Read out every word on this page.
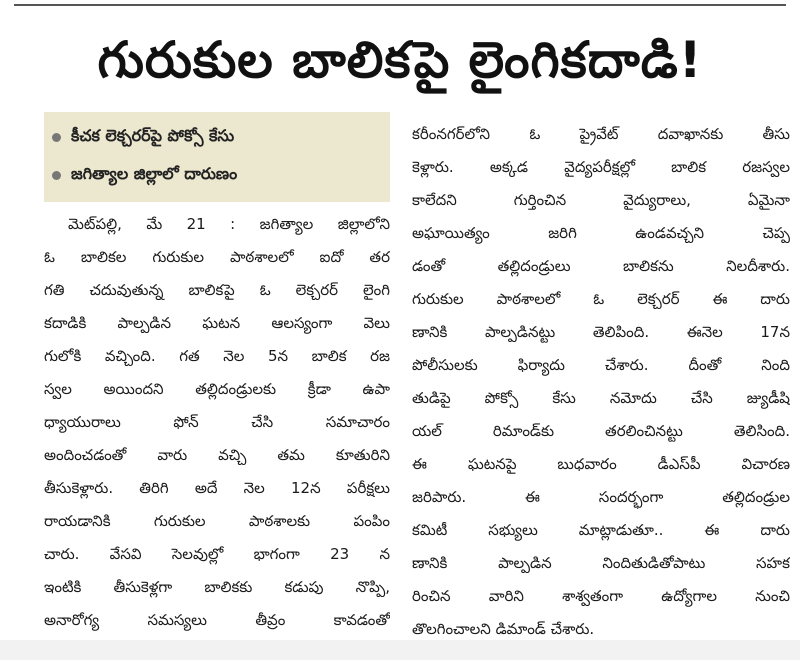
గురుకుల బాలికపై లైంగికదాడి!
కీచక లెక్చరర్‌పై పోక్సో కేసు
జగిత్యాల జిల్లాలో దారుణం
మెట్‌పల్లి, మే 21 : జగిత్యాల జిల్లాలోని
ఓ బాలికల గురుకుల పాఠశాలలో ఐదో తర
గతి చదువుతున్న బాలికపై ఓ లెక్చరర్ లైంగి
కదాడికి పాల్పడిన ఘటన ఆలస్యంగా వెలు
గులోకి వచ్చింది. గత నెల 5న బాలిక రజ
స్వల అయిందని తల్లిదండ్రులకు క్రీడా ఉపా
ధ్యాయురాలు ఫోన్ చేసి సమాచారం
అందించడంతో వారు వచ్చి తమ కూతురిని
తీసుకెళ్లారు. తిరిగి అదే నెల 12న పరీక్షలు
రాయడానికి గురుకుల పాఠశాలకు పంపిం
చారు. వేసవి సెలవుల్లో భాగంగా 23 న
ఇంటికి తీసుకెళ్లగా బాలికకు కడుపు నొప్పి,
అనారోగ్య సమస్యలు తీవ్రం కావడంతో
కరీంనగర్‌లోని ఓ ప్రైవేట్ దవాఖానకు తీసు
కెళ్లారు. అక్కడ వైద్యపరీక్షల్లో బాలిక రజస్వల
కాలేదని గుర్తించిన వైద్యురాలు, ఏమైనా
అఘాయిత్యం జరిగి ఉండవచ్చని చెప్ప
డంతో తల్లిదండ్రులు బాలికను నిలదీశారు.
గురుకుల పాఠశాలలో ఓ లెక్చరర్ ఈ దారు
ణానికి పాల్పడినట్టు తెలిపింది. ఈనెల 17న
పోలీసులకు ఫిర్యాదు చేశారు. దీంతో నింది
తుడిపై పోక్సో కేసు నమోదు చేసి జ్యుడీషి
యల్ రిమాండ్‌కు తరలించినట్టు తెలిసింది.
ఈ ఘటనపై బుధవారం డీఎస్‌పీ విచారణ
జరిపారు. ఈ సందర్భంగా తల్లిదండ్రుల
కమిటీ సభ్యులు మాట్లాడుతూ.. ఈ దారు
ణానికి పాల్పడిన నిందితుడితోపాటు సహక
రించిన వారిని శాశ్వతంగా ఉద్యోగాల నుంచి
తొలగించాలని డిమాండ్ చేశారు.
